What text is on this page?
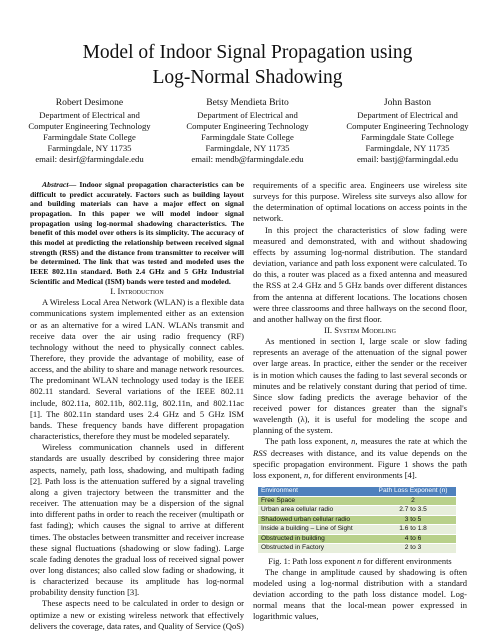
Model of Indoor Signal Propagation using
Log-Normal Shadowing
Robert Desimone
Department of Electrical and
Computer Engineering Technology
Farmingdale State College
Farmingdale, NY 11735
email: desirf@farmingdale.edu
Betsy Mendieta Brito
Department of Electrical and
Computer Engineering Technology
Farmingdale State College
Farmingdale, NY 11735
email: mendb@farmingdale.edu
John Baston
Department of Electrical and
Computer Engineering Technology
Farmingdale State College
Farmingdale, NY 11735
email: bastj@farmingdal.edu

Abstract— Indoor signal propagation characteristics can be difficult to predict accurately. Factors such as building layout and building materials can have a major effect on signal propagation. In this paper we will model indoor signal propagation using log-normal shadowing characteristics. The benefit of this model over others is its simplicity. The accuracy of this model at predicting the relationship between received signal strength (RSS) and the distance from transmitter to receiver will be determined. The link that was tested and modeled uses the IEEE 802.11n standard. Both 2.4 GHz and 5 GHz Industrial Scientific and Medical (ISM) bands were tested and modeled.

I. Introduction

A Wireless Local Area Network (WLAN) is a flexible data communications system implemented either as an extension or as an alternative for a wired LAN. WLANs transmit and receive data over the air using radio frequency (RF) technology without the need to physically connect cables. Therefore, they provide the advantage of mobility, ease of access, and the ability to share and manage network resources. The predominant WLAN technology used today is the IEEE 802.11 standard. Several variations of the IEEE 802.11 include, 802.11a, 802.11b, 802.11g, 802.11n, and 802.11ac [1]. The 802.11n standard uses 2.4 GHz and 5 GHz ISM bands. These frequency bands have different propagation characteristics, therefore they must be modeled separately.

Wireless communication channels used in different standards are usually described by considering three major aspects, namely, path loss, shadowing, and multipath fading [2]. Path loss is the attenuation suffered by a signal traveling along a given trajectory between the transmitter and the receiver. The attenuation may be a dispersion of the signal into different paths in order to reach the receiver (multipath or fast fading); which causes the signal to arrive at different times. The obstacles between transmitter and receiver increase these signal fluctuations (shadowing or slow fading). Large scale fading denotes the gradual loss of received signal power over long distances; also called slow fading or shadowing, it is characterized because its amplitude has log-normal probability density function [3].

These aspects need to be calculated in order to design or optimize a new or existing wireless network that effectively delivers the coverage, data rates, and Quality of Service (QoS)

requirements of a specific area. Engineers use wireless site surveys for this purpose. Wireless site surveys also allow for the determination of optimal locations on access points in the network.

In this project the characteristics of slow fading were measured and demonstrated, with and without shadowing effects by assuming log-normal distribution. The standard deviation, variance and path loss exponent were calculated. To do this, a router was placed as a fixed antenna and measured the RSS at 2.4 GHz and 5 GHz bands over different distances from the antenna at different locations. The locations chosen were three classrooms and three hallways on the second floor, and another hallway on the first floor.

II. System Modeling

As mentioned in section I, large scale or slow fading represents an average of the attenuation of the signal power over large areas. In practice, either the sender or the receiver is in motion which causes the fading to last several seconds or minutes and be relatively constant during that period of time. Since slow fading predicts the average behavior of the received power for distances greater than the signal's wavelength (λ), it is useful for modeling the scope and planning of the system.

The path loss exponent, n, measures the rate at which the RSS decreases with distance, and its value depends on the specific propagation environment. Figure 1 shows the path loss exponent, n, for different environments [4].

Environment	Path Loss Exponent (n)
Free Space	2
Urban area cellular radio	2.7 to 3.5
Shadowed urban cellular radio	3 to 5
Inside a building – Line of Sight	1.6 to 1.8
Obstructed in building	4 to 6
Obstructed in Factory	2 to 3

Fig. 1: Path loss exponent n for different environments

The change in amplitude caused by shadowing is often modeled using a log-normal distribution with a standard deviation according to the path loss distance model. Log-normal means that the local-mean power expressed in logarithmic values,
